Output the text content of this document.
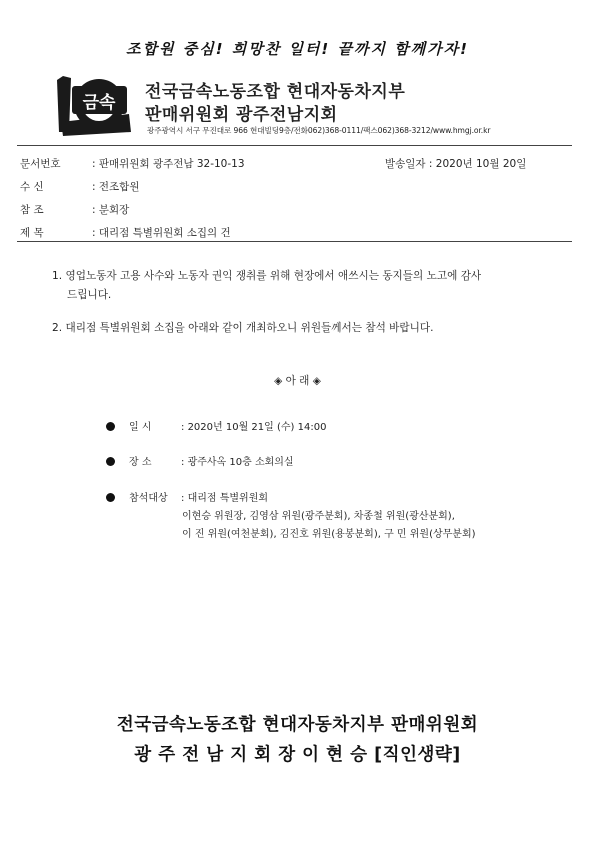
조합원 중심! 희망찬 일터! 끝까지 함께가자!
금속
전국금속노동조합 현대자동차지부
판매위원회 광주전남지회
광주광역시 서구 무진대로 966 현대빌딩9층/전화062)368-0111/팩스062)368-3212/www.hmgj.or.kr
문서번호	: 판매위원회 광주전남 32-10-13	발송일자 : 2020년 10월 20일
수 신	: 전조합원
참 조	: 분회장
제 목	: 대리점 특별위원회 소집의 건
1. 영업노동자 고용 사수와 노동자 권익 쟁취를 위해 현장에서 애쓰시는 동지들의 노고에 감사
드립니다.
2. 대리점 특별위원회 소집을 아래와 같이 개최하오니 위원들께서는 참석 바랍니다.
◈ 아 래 ◈
일 시	: 2020년 10월 21일 (수) 14:00
장 소	: 광주사옥 10층 소회의실
참석대상 : 대리점 특별위원회
이현승 위원장, 김영삼 위원(광주분회), 차종철 위원(광산분회),
이 진 위원(여천분회), 김진호 위원(용봉분회), 구 민 위원(상무분회)
전국금속노동조합 현대자동차지부 판매위원회
광 주 전 남 지 회 장 이 현 승 [직인생략]
